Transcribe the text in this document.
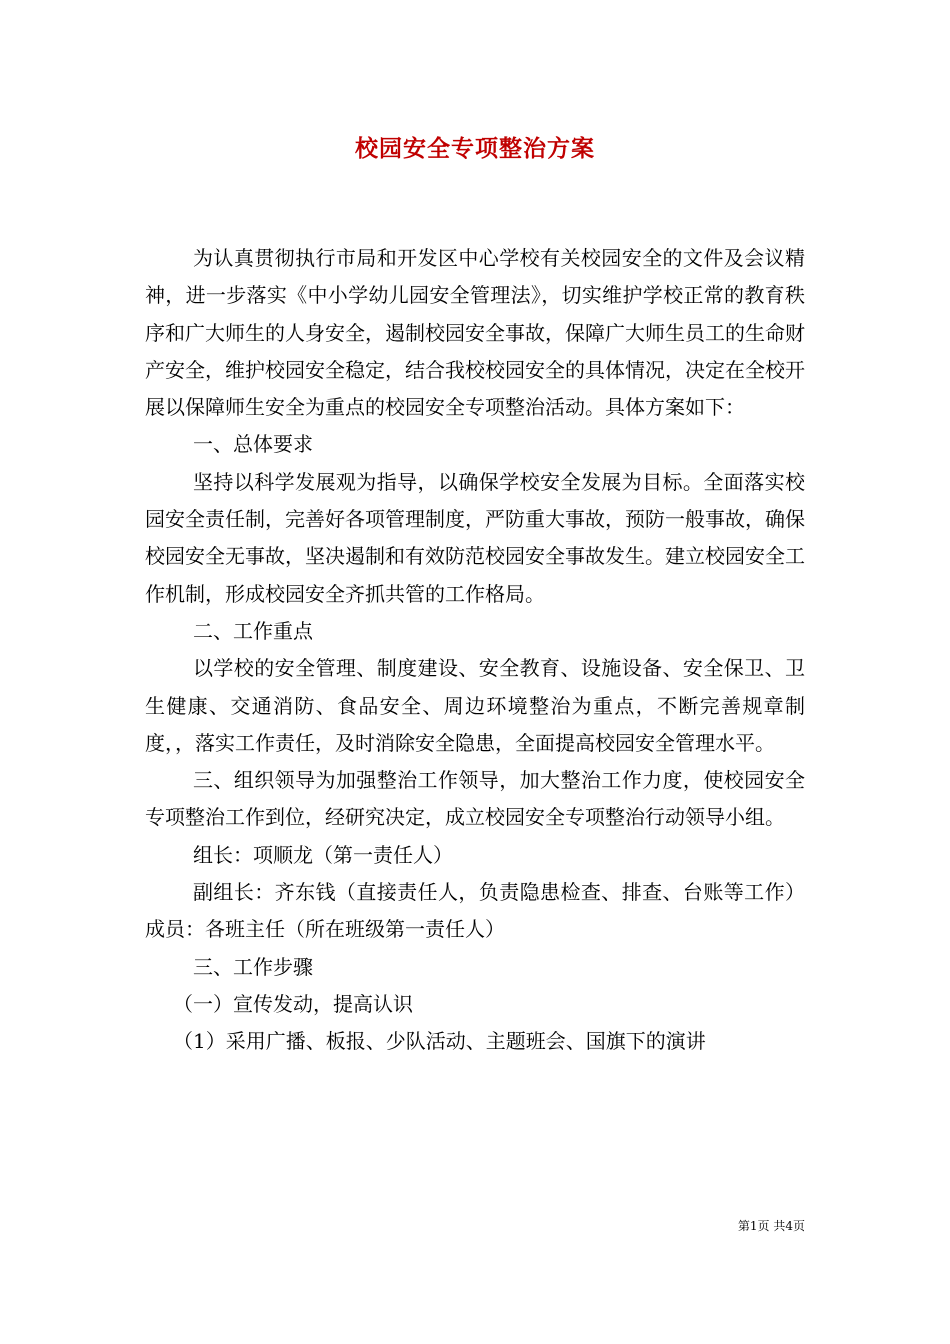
校园安全专项整治方案

为认真贯彻执行市局和开发区中心学校有关校园安全的文件及会议精神，进一步落实《中小学幼儿园安全管理法》，切实维护学校正常的教育秩序和广大师生的人身安全，遏制校园安全事故，保障广大师生员工的生命财产安全，维护校园安全稳定，结合我校校园安全的具体情况，决定在全校开展以保障师生安全为重点的校园安全专项整治活动。具体方案如下：

一、总体要求

坚持以科学发展观为指导，以确保学校安全发展为目标。全面落实校园安全责任制，完善好各项管理制度，严防重大事故，预防一般事故，确保校园安全无事故，坚决遏制和有效防范校园安全事故发生。建立校园安全工作机制，形成校园安全齐抓共管的工作格局。

二、工作重点

以学校的安全管理、制度建设、安全教育、设施设备、安全保卫、卫生健康、交通消防、食品安全、周边环境整治为重点，不断完善规章制度，，落实工作责任，及时消除安全隐患，全面提高校园安全管理水平。

三、组织领导为加强整治工作领导，加大整治工作力度，使校园安全专项整治工作到位，经研究决定，成立校园安全专项整治行动领导小组。

组长：项顺龙（第一责任人）

副组长：齐东钱（直接责任人，负责隐患检查、排查、台账等工作）成员：各班主任（所在班级第一责任人）

三、工作步骤

（一）宣传发动，提高认识

（1）采用广播、板报、少队活动、主题班会、国旗下的演讲

第1页 共4页
